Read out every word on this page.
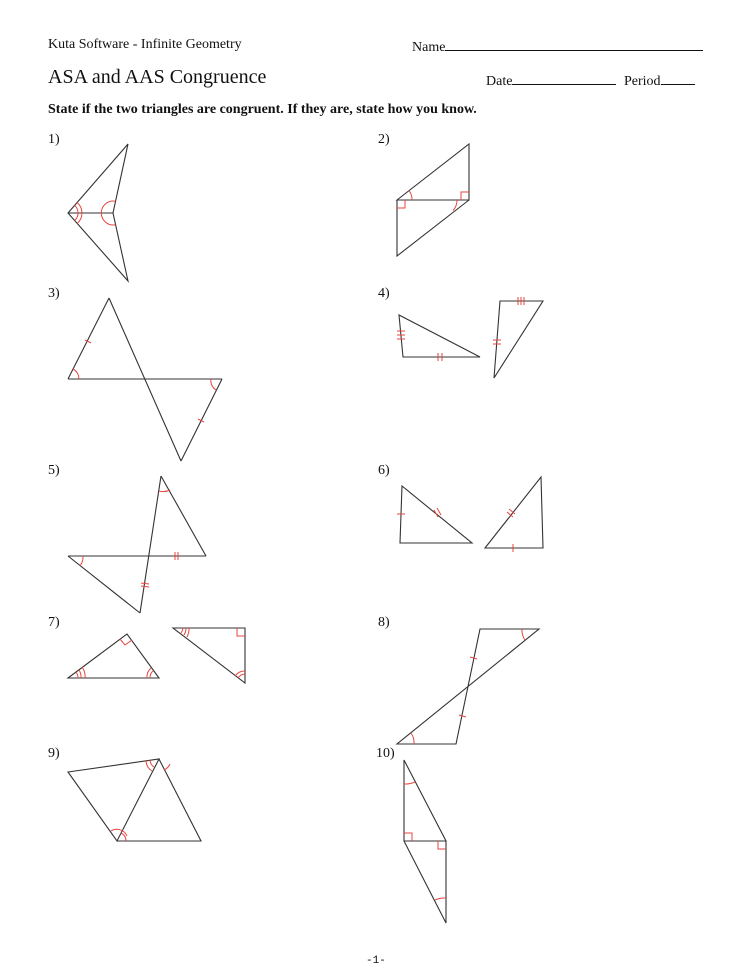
Kuta Software - Infinite Geometry	Name
ASA and AAS Congruence	Date	Period
State if the two triangles are congruent. If they are, state how you know.
1)	2)
3)	4)
5)	6)
7)	8)
9)	10)
-1-
